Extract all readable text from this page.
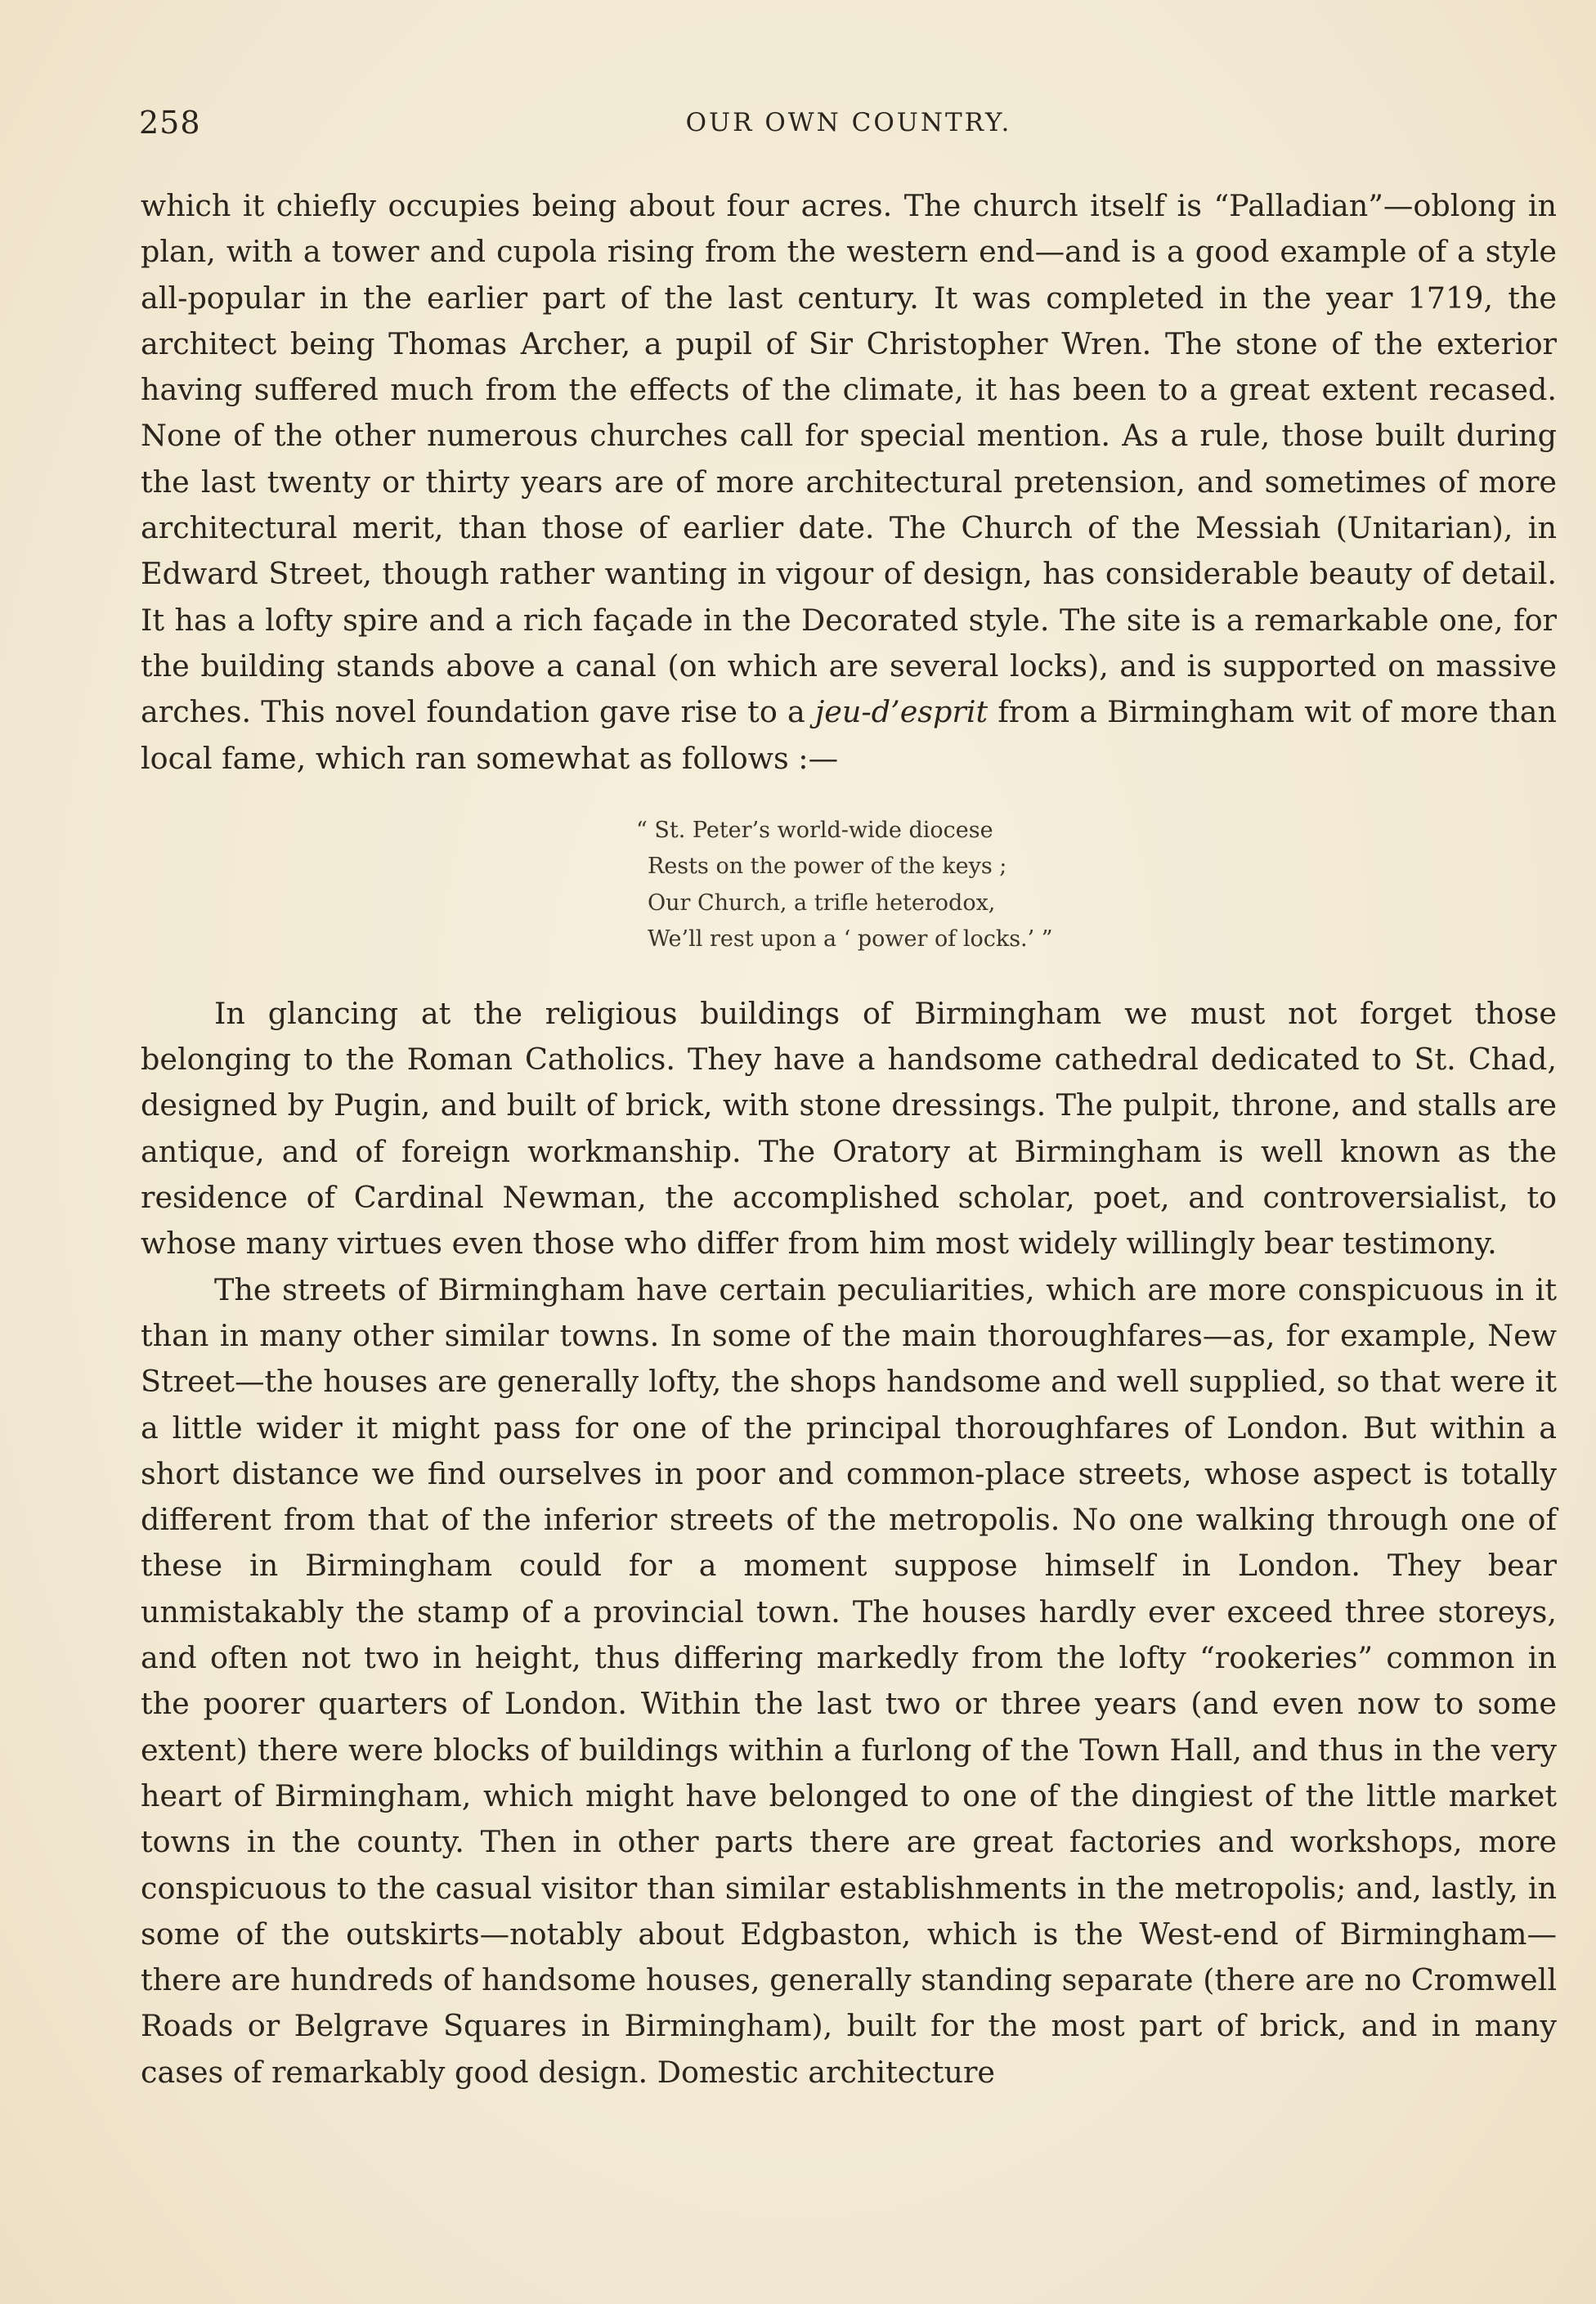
258	OUR OWN COUNTRY.

which it chiefly occupies being about four acres. The church itself is “Palladian”—oblong in plan, with a tower and cupola rising from the western end—and is a good example of a style all-popular in the earlier part of the last century. It was completed in the year 1719, the architect being Thomas Archer, a pupil of Sir Christopher Wren. The stone of the exterior having suffered much from the effects of the climate, it has been to a great extent recased. None of the other numerous churches call for special mention. As a rule, those built during the last twenty or thirty years are of more architectural pretension, and sometimes of more architectural merit, than those of earlier date. The Church of the Messiah (Unitarian), in Edward Street, though rather wanting in vigour of design, has considerable beauty of detail. It has a lofty spire and a rich façade in the Decorated style. The site is a remarkable one, for the building stands above a canal (on which are several locks), and is supported on massive arches. This novel foundation gave rise to a jeu-d’esprit from a Birmingham wit of more than local fame, which ran somewhat as follows :—

“ St. Peter’s world-wide diocese
Rests on the power of the keys ;
Our Church, a trifle heterodox,
We’ll rest upon a ‘ power of locks.’ ”

In glancing at the religious buildings of Birmingham we must not forget those belonging to the Roman Catholics. They have a handsome cathedral dedicated to St. Chad, designed by Pugin, and built of brick, with stone dressings. The pulpit, throne, and stalls are antique, and of foreign workmanship. The Oratory at Birmingham is well known as the residence of Cardinal Newman, the accomplished scholar, poet, and controversialist, to whose many virtues even those who differ from him most widely willingly bear testimony.

The streets of Birmingham have certain peculiarities, which are more conspicuous in it than in many other similar towns. In some of the main thoroughfares—as, for example, New Street—the houses are generally lofty, the shops handsome and well supplied, so that were it a little wider it might pass for one of the principal thoroughfares of London. But within a short distance we find ourselves in poor and common-place streets, whose aspect is totally different from that of the inferior streets of the metropolis. No one walking through one of these in Birmingham could for a moment suppose himself in London. They bear unmistakably the stamp of a provincial town. The houses hardly ever exceed three storeys, and often not two in height, thus differing markedly from the lofty “rookeries” common in the poorer quarters of London. Within the last two or three years (and even now to some extent) there were blocks of buildings within a furlong of the Town Hall, and thus in the very heart of Birmingham, which might have belonged to one of the dingiest of the little market towns in the county. Then in other parts there are great factories and workshops, more conspicuous to the casual visitor than similar establishments in the metropolis; and, lastly, in some of the outskirts—notably about Edgbaston, which is the West-end of Birmingham—there are hundreds of handsome houses, generally standing separate (there are no Cromwell Roads or Belgrave Squares in Birmingham), built for the most part of brick, and in many cases of remarkably good design. Domestic architecture
